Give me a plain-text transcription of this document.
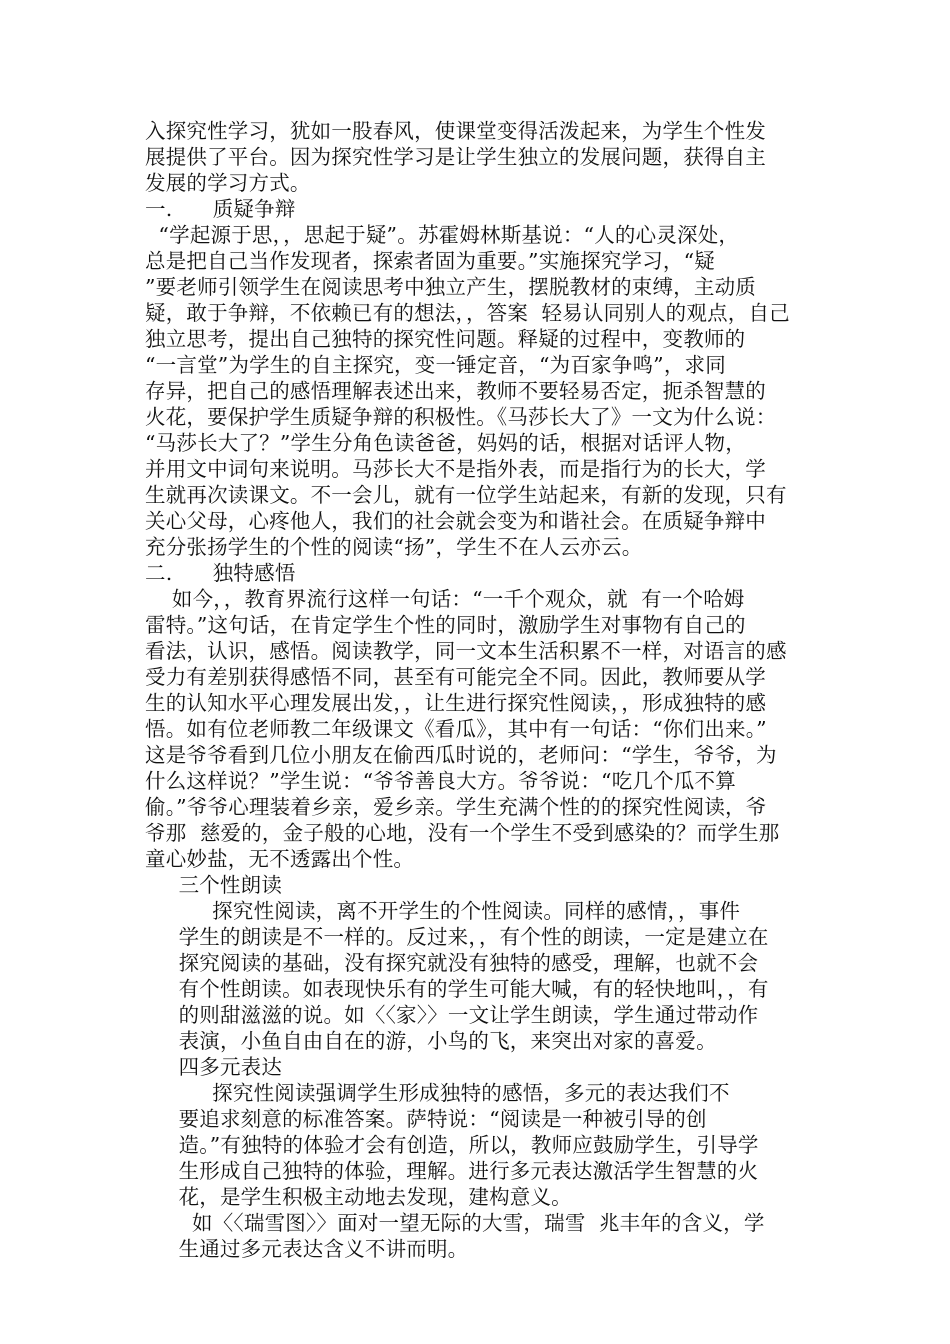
入探究性学习，犹如一股春风，使课堂变得活泼起来，为学生个性发
展提供了平台。因为探究性学习是让学生独立的发展问题，获得自主
发展的学习方式。
一.      质疑争辩
“学起源于思，，思起于疑”。苏霍姆林斯基说：“人的心灵深处，
总是把自己当作发现者，探索者固为重要。”实施探究学习，“疑
”要老师引领学生在阅读思考中独立产生，摆脱教材的束缚，主动质
疑，敢于争辩，不依赖已有的想法，，答案  轻易认同别人的观点，自己
独立思考，提出自己独特的探究性问题。释疑的过程中，变教师的
“一言堂”为学生的自主探究，变一锤定音，“为百家争鸣”，求同
存异，把自己的感悟理解表述出来，教师不要轻易否定，扼杀智慧的
火花，要保护学生质疑争辩的积极性。《马莎长大了》一文为什么说：
“马莎长大了？”学生分角色读爸爸，妈妈的话，根据对话评人物，
并用文中词句来说明。马莎长大不是指外表，而是指行为的长大，学
生就再次读课文。不一会儿，就有一位学生站起来，有新的发现，只有
关心父母，心疼他人，我们的社会就会变为和谐社会。在质疑争辩中
充分张扬学生的个性的阅读“扬”，学生不在人云亦云。
二.      独特感悟
如今，，教育界流行这样一句话：“一千个观众，就  有一个哈姆
雷特。”这句话，在肯定学生个性的同时，激励学生对事物有自己的
看法，认识，感悟。阅读教学，同一文本生活积累不一样，对语言的感
受力有差别获得感悟不同，甚至有可能完全不同。因此，教师要从学
生的认知水平心理发展出发，，让生进行探究性阅读，，形成独特的感
悟。如有位老师教二年级课文《看瓜》，其中有一句话：“你们出来。”
这是爷爷看到几位小朋友在偷西瓜时说的，老师问：“学生，爷爷，为
什么这样说？”学生说：“爷爷善良大方。爷爷说：“吃几个瓜不算
偷。”爷爷心理装着乡亲，爱乡亲。学生充满个性的的探究性阅读，爷
爷那  慈爱的，金子般的心地，没有一个学生不受到感染的？而学生那
童心妙盐，无不透露出个性。
三个性朗读
探究性阅读，离不开学生的个性阅读。同样的感情，，事件
学生的朗读是不一样的。反过来，，有个性的朗读，一定是建立在
探究阅读的基础，没有探究就没有独特的感受，理解，也就不会
有个性朗读。如表现快乐有的学生可能大喊，有的轻快地叫，，有
的则甜滋滋的说。如〈〈家〉〉一文让学生朗读，学生通过带动作
表演，小鱼自由自在的游，小鸟的飞，来突出对家的喜爱。
四多元表达
探究性阅读强调学生形成独特的感悟，多元的表达我们不
要追求刻意的标准答案。萨特说：“阅读是一种被引导的创
造。”有独特的体验才会有创造，所以，教师应鼓励学生，引导学
生形成自己独特的体验，理解。进行多元表达激活学生智慧的火
花，是学生积极主动地去发现，建构意义。
如〈〈瑞雪图〉〉面对一望无际的大雪，瑞雪  兆丰年的含义，学
生通过多元表达含义不讲而明。
